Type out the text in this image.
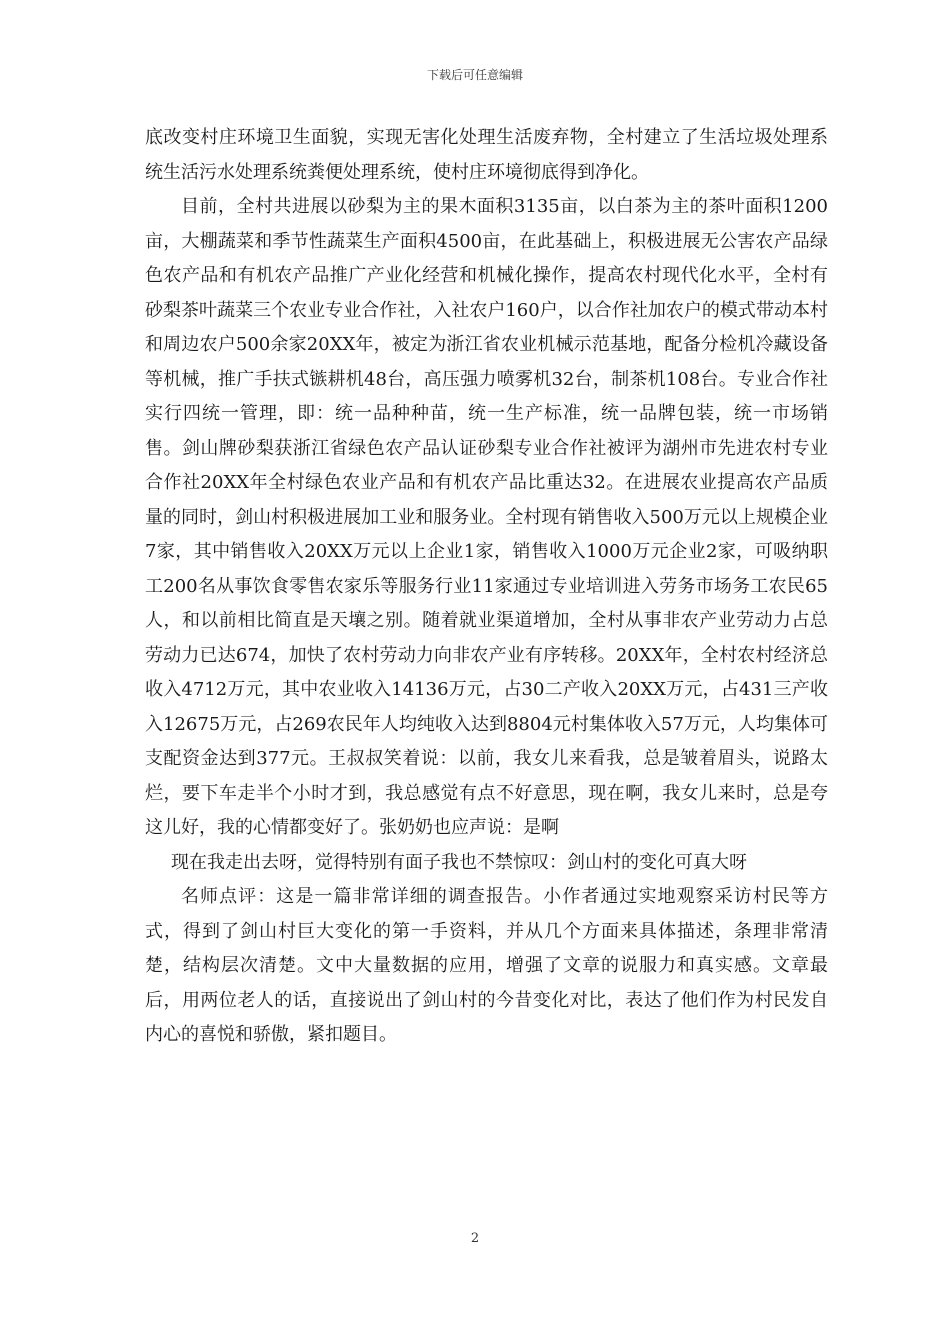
下载后可任意编辑

底改变村庄环境卫生面貌，实现无害化处理生活废弃物，全村建立了生活垃圾处理系统生活污水处理系统粪便处理系统，使村庄环境彻底得到净化。

目前，全村共进展以砂梨为主的果木面积3135亩，以白茶为主的茶叶面积1200亩，大棚蔬菜和季节性蔬菜生产面积4500亩，在此基础上，积极进展无公害农产品绿色农产品和有机农产品推广产业化经营和机械化操作，提高农村现代化水平，全村有砂梨茶叶蔬菜三个农业专业合作社，入社农户160户，以合作社加农户的模式带动本村和周边农户500余家20XX年，被定为浙江省农业机械示范基地，配备分检机冷藏设备等机械，推广手扶式镞耕机48台，高压强力喷雾机32台，制茶机108台。专业合作社实行四统一管理，即：统一品种种苗，统一生产标准，统一品牌包装，统一市场销售。剑山牌砂梨获浙江省绿色农产品认证砂梨专业合作社被评为湖州市先进农村专业合作社20XX年全村绿色农业产品和有机农产品比重达32。在进展农业提高农产品质量的同时，剑山村积极进展加工业和服务业。全村现有销售收入500万元以上规模企业7家，其中销售收入20XX万元以上企业1家，销售收入1000万元企业2家，可吸纳职工200名从事饮食零售农家乐等服务行业11家通过专业培训进入劳务市场务工农民65人，和以前相比简直是天壤之别。随着就业渠道增加，全村从事非农产业劳动力占总劳动力已达674，加快了农村劳动力向非农产业有序转移。20XX年，全村农村经济总收入4712万元，其中农业收入14136万元，占30二产收入20XX万元，占431三产收入12675万元，占269农民年人均纯收入达到8804元村集体收入57万元，人均集体可支配资金达到377元。王叔叔笑着说：以前，我女儿来看我，总是皱着眉头，说路太烂，要下车走半个小时才到，我总感觉有点不好意思，现在啊，我女儿来时，总是夸这儿好，我的心情都变好了。张奶奶也应声说：是啊

现在我走出去呀，觉得特别有面子我也不禁惊叹：剑山村的变化可真大呀

名师点评：这是一篇非常详细的调查报告。小作者通过实地观察采访村民等方式，得到了剑山村巨大变化的第一手资料，并从几个方面来具体描述，条理非常清楚，结构层次清楚。文中大量数据的应用，增强了文章的说服力和真实感。文章最后，用两位老人的话，直接说出了剑山村的今昔变化对比，表达了他们作为村民发自内心的喜悦和骄傲，紧扣题目。

2
